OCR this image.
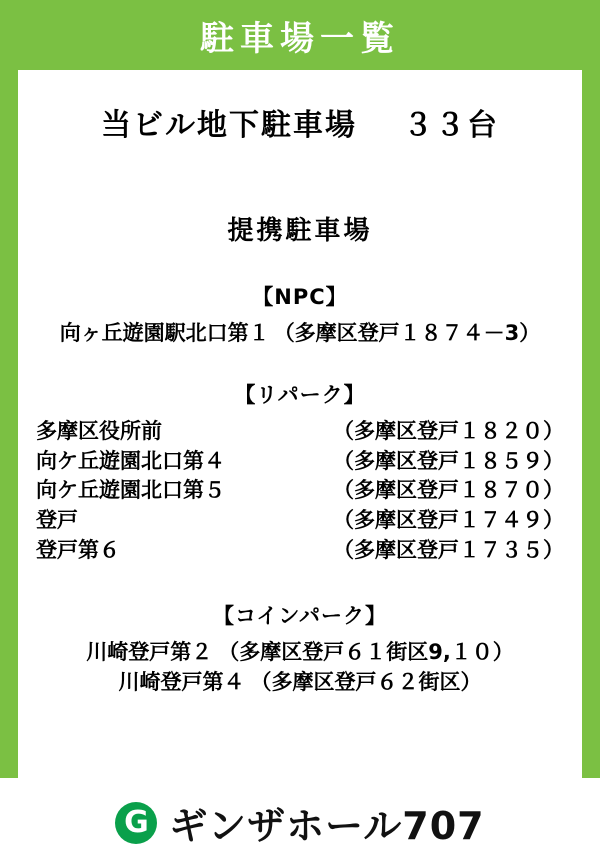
駐車場一覧
当ビル地下駐車場 ３３台
提携駐車場
【NPC】
向ヶ丘遊園駅北口第１ （多摩区登戸１８７４－3）
【リパーク】
多摩区役所前	（多摩区登戸１８２０）
向ケ丘遊園北口第４	（多摩区登戸１８５９）
向ケ丘遊園北口第５	（多摩区登戸１８７０）
登戸	（多摩区登戸１７４９）
登戸第６	（多摩区登戸１７３５）
【コインパーク】
川崎登戸第２ （多摩区登戸６１街区9,１０）
川崎登戸第４ （多摩区登戸６２街区）
G ギンザホール707
